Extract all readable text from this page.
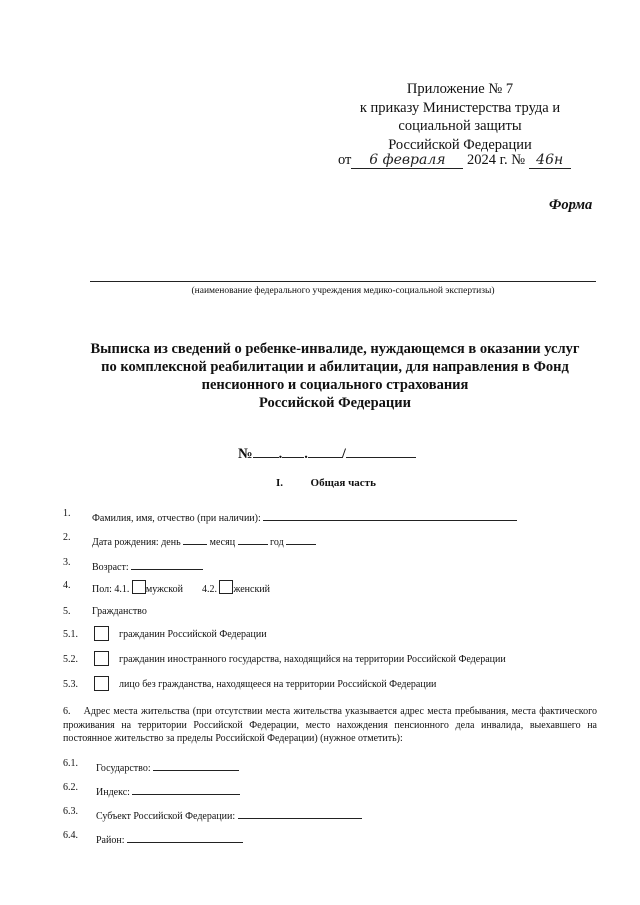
Приложение № 7
к приказу Министерства труда и
социальной защиты
Российской Федерации
от 6 февраля 2024 г. № 46н
Форма
(наименование федерального учреждения медико-социальной экспертизы)
Выписка из сведений о ребенке-инвалиде, нуждающемся в оказании услуг
по комплексной реабилитации и абилитации, для направления в Фонд
пенсионного и социального страхования
Российской Федерации
№ . . /
I.	Общая часть
1. Фамилия, имя, отчество (при наличии):
2. Дата рождения: день	месяц	год
3. Возраст:
4. Пол: 4.1. мужской 4.2. женский
5. Гражданство
5.1.	гражданин Российской Федерации
5.2.	гражданин иностранного государства, находящийся на территории Российской Федерации
5.3.	лицо без гражданства, находящееся на территории Российской Федерации
6. Адрес места жительства (при отсутствии места жительства указывается адрес места пребывания, места фактического проживания на территории Российской Федерации, место нахождения пенсионного дела инвалида, выехавшего на постоянное жительство за пределы Российской Федерации) (нужное отметить):
6.1. Государство:
6.2. Индекс:
6.3. Субъект Российской Федерации:
6.4. Район:
